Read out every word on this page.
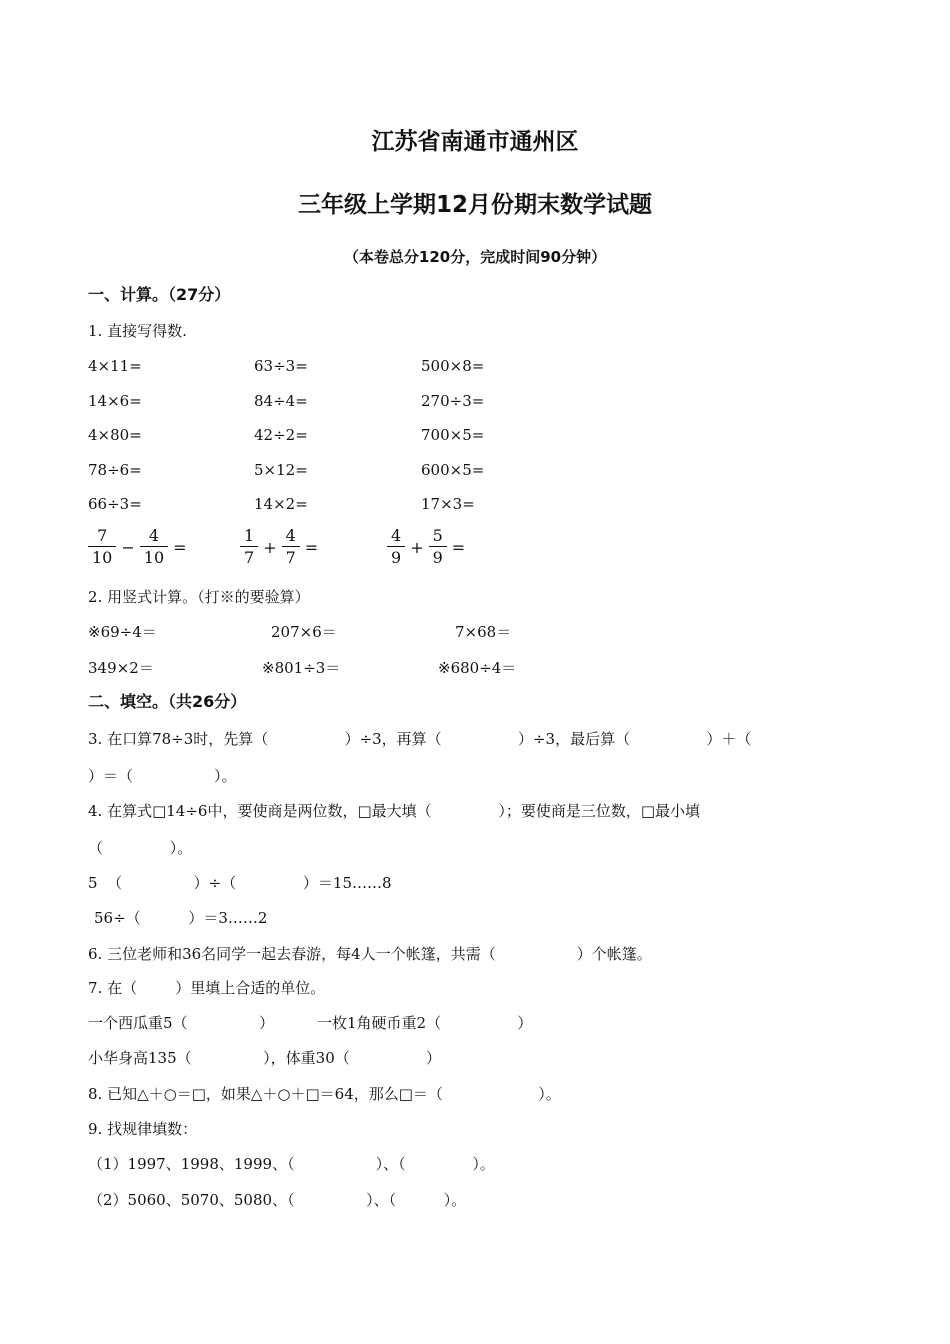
江苏省南通市通州区
三年级上学期12月份期末数学试题
（本卷总分120分，完成时间90分钟）
一、计算。（27分）
1. 直接写得数.
4×11=	63÷3=	500×8=
14×6=	84÷4=	270÷3=
4×80=	42÷2=	700×5=
78÷6=	5×12=	600×5=
66÷3=	14×2=	17×3=
$\frac{7}{10} - \frac{4}{10}$ =	$\frac{1}{7} + \frac{4}{7}$ =	$\frac{4}{9} + \frac{5}{9}$ =
2. 用竖式计算。（打※的要验算）
※69÷4＝	207×6＝	7×68＝
349×2＝	※801÷3＝	※680÷4＝
二、填空。（共26分）
3. 在口算78÷3时，先算（                ）÷3，再算（                ）÷3，最后算（                ）＋（
）＝（                 ）。
4. 在算式□14÷6中，要使商是两位数，□最大填（              ）；要使商是三位数，□最小填
（              ）。
5  （               ）÷（              ）＝15……8
56÷（          ）＝3……2
6. 三位老师和36名同学一起去春游，每4人一个帐篷，共需（                 ）个帐篷。
7. 在（        ）里填上合适的单位。
一个西瓜重5（               ）         一枚1角硬币重2（                ）
小华身高135（               ），体重30（                ）
8. 已知△＋○＝□，如果△＋○＋□＝64，那么□＝（                    ）。
9. 找规律填数：
（1）1997、1998、1999、（                 ）、（              ）。
（2）5060、5070、5080、（               ）、（          ）。
